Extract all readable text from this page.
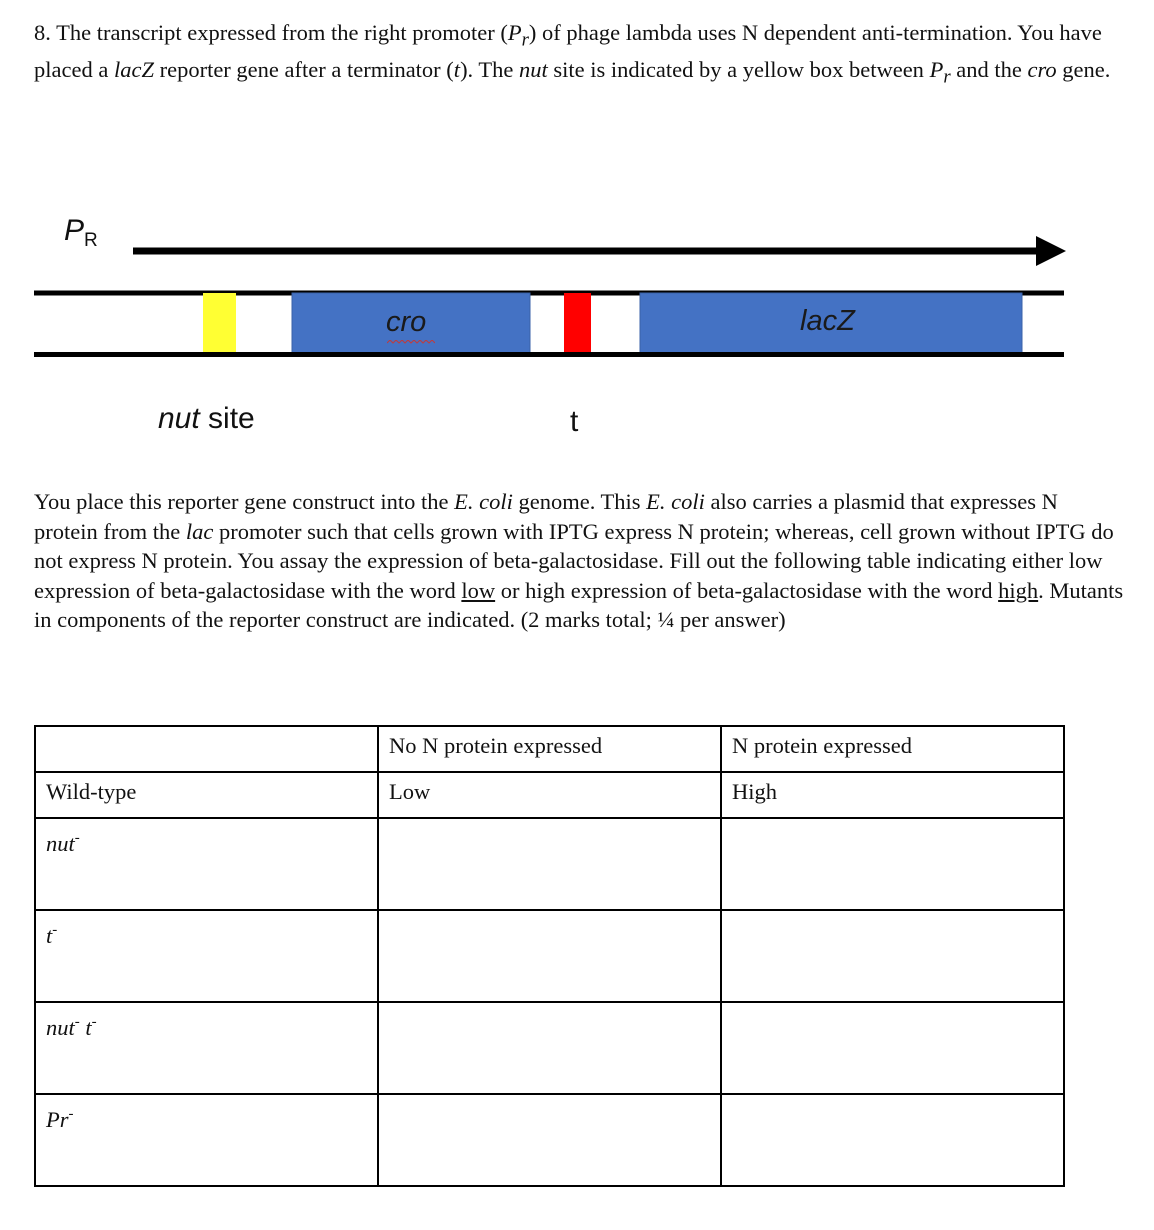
8. The transcript expressed from the right promoter $(P_r)$ of phage lambda uses N dependent anti-termination. You have placed a lacZ reporter gene after a terminator (t). The nut site is indicated by a yellow box between $P_r$ and the cro gene.

$P_R$
cro	lacZ
nut site	t

You place this reporter gene construct into the E. coli genome. This E. coli also carries a plasmid that expresses N protein from the lac promoter such that cells grown with IPTG express N protein; whereas, cell grown without IPTG do not express N protein. You assay the expression of beta-galactosidase. Fill out the following table indicating either low expression of beta-galactosidase with the word low or high expression of beta-galactosidase with the word high. Mutants in components of the reporter construct are indicated. (2 marks total; ¼ per answer)

	No N protein expressed	N protein expressed
Wild-type	Low	High
nut-		
t-		
nut- t-		
Pr-		
